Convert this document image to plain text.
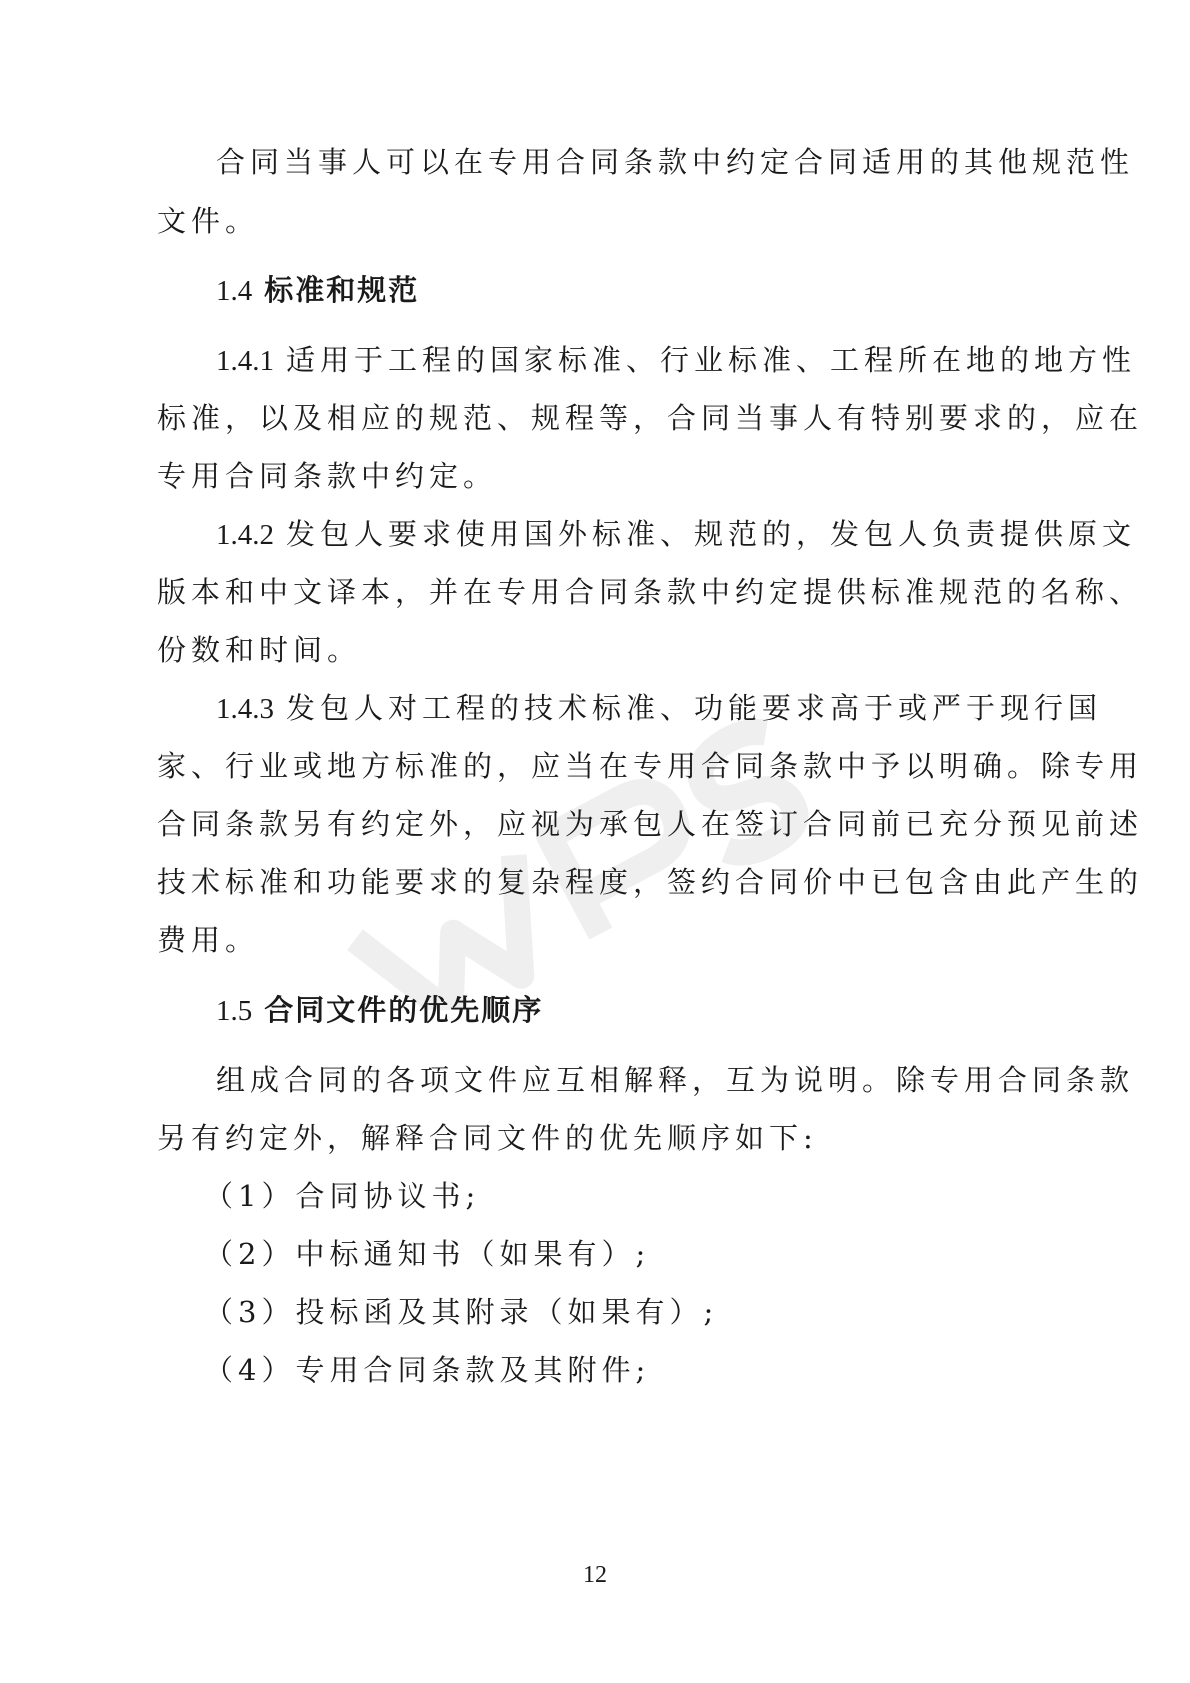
合同当事人可以在专用合同条款中约定合同适用的其他规范性
文件。
1.4 标准和规范
1.4.1 适用于工程的国家标准、行业标准、工程所在地的地方性
标准，以及相应的规范、规程等，合同当事人有特别要求的，应在
专用合同条款中约定。
1.4.2 发包人要求使用国外标准、规范的，发包人负责提供原文
版本和中文译本，并在专用合同条款中约定提供标准规范的名称、
份数和时间。
1.4.3 发包人对工程的技术标准、功能要求高于或严于现行国
家、行业或地方标准的，应当在专用合同条款中予以明确。除专用
合同条款另有约定外，应视为承包人在签订合同前已充分预见前述
技术标准和功能要求的复杂程度，签约合同价中已包含由此产生的
费用。
1.5 合同文件的优先顺序
组成合同的各项文件应互相解释，互为说明。除专用合同条款
另有约定外，解释合同文件的优先顺序如下:
（1）合同协议书;
（2）中标通知书（如果有）;
（3）投标函及其附录（如果有）;
（4）专用合同条款及其附件;
12
